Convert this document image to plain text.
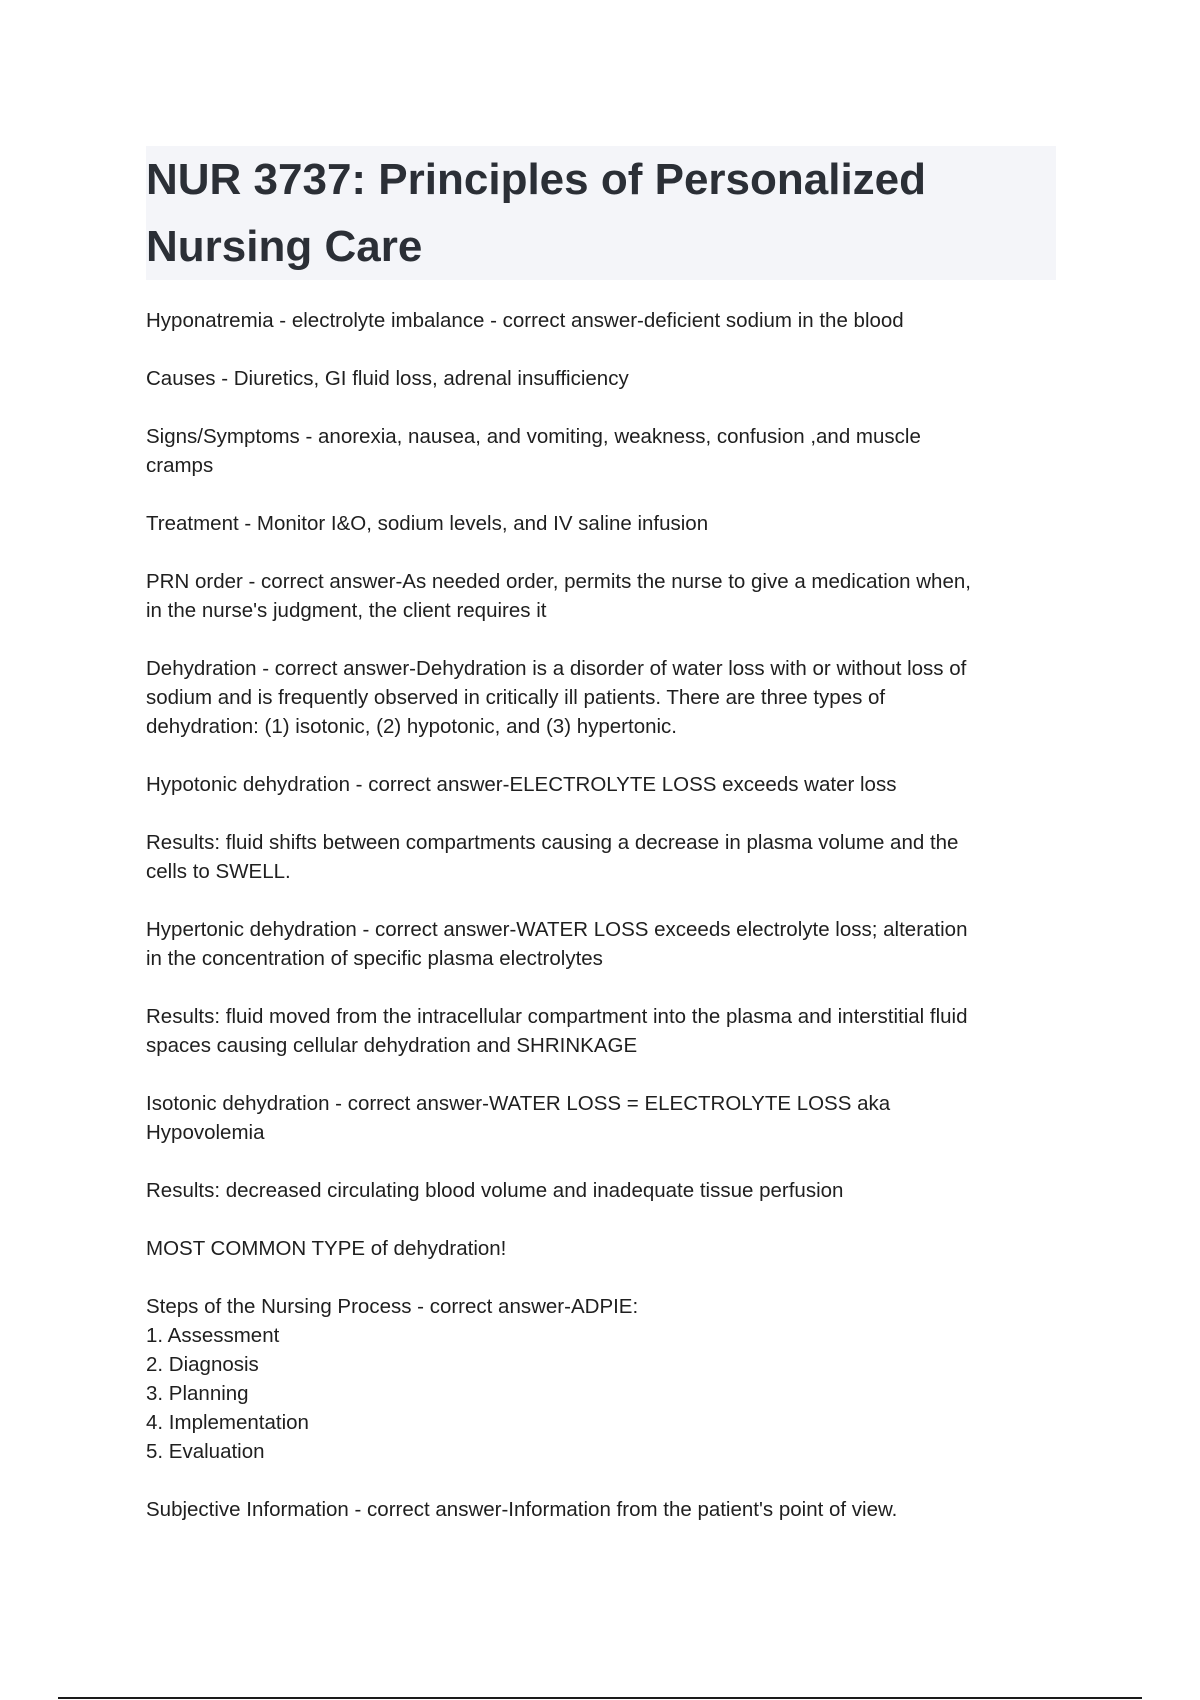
NUR 3737: Principles of Personalized Nursing Care

Hyponatremia - electrolyte imbalance - correct answer-deficient sodium in the blood

Causes - Diuretics, GI fluid loss, adrenal insufficiency

Signs/Symptoms - anorexia, nausea, and vomiting, weakness, confusion ,and muscle
cramps

Treatment - Monitor I&O, sodium levels, and IV saline infusion

PRN order - correct answer-As needed order, permits the nurse to give a medication when,
in the nurse's judgment, the client requires it

Dehydration - correct answer-Dehydration is a disorder of water loss with or without loss of
sodium and is frequently observed in critically ill patients. There are three types of
dehydration: (1) isotonic, (2) hypotonic, and (3) hypertonic.

Hypotonic dehydration - correct answer-ELECTROLYTE LOSS exceeds water loss

Results: fluid shifts between compartments causing a decrease in plasma volume and the
cells to SWELL.

Hypertonic dehydration - correct answer-WATER LOSS exceeds electrolyte loss; alteration
in the concentration of specific plasma electrolytes

Results: fluid moved from the intracellular compartment into the plasma and interstitial fluid
spaces causing cellular dehydration and SHRINKAGE

Isotonic dehydration - correct answer-WATER LOSS = ELECTROLYTE LOSS aka
Hypovolemia

Results: decreased circulating blood volume and inadequate tissue perfusion

MOST COMMON TYPE of dehydration!

Steps of the Nursing Process - correct answer-ADPIE:

1. Assessment
2. Diagnosis
3. Planning
4. Implementation
5. Evaluation

Subjective Information - correct answer-Information from the patient's point of view.
